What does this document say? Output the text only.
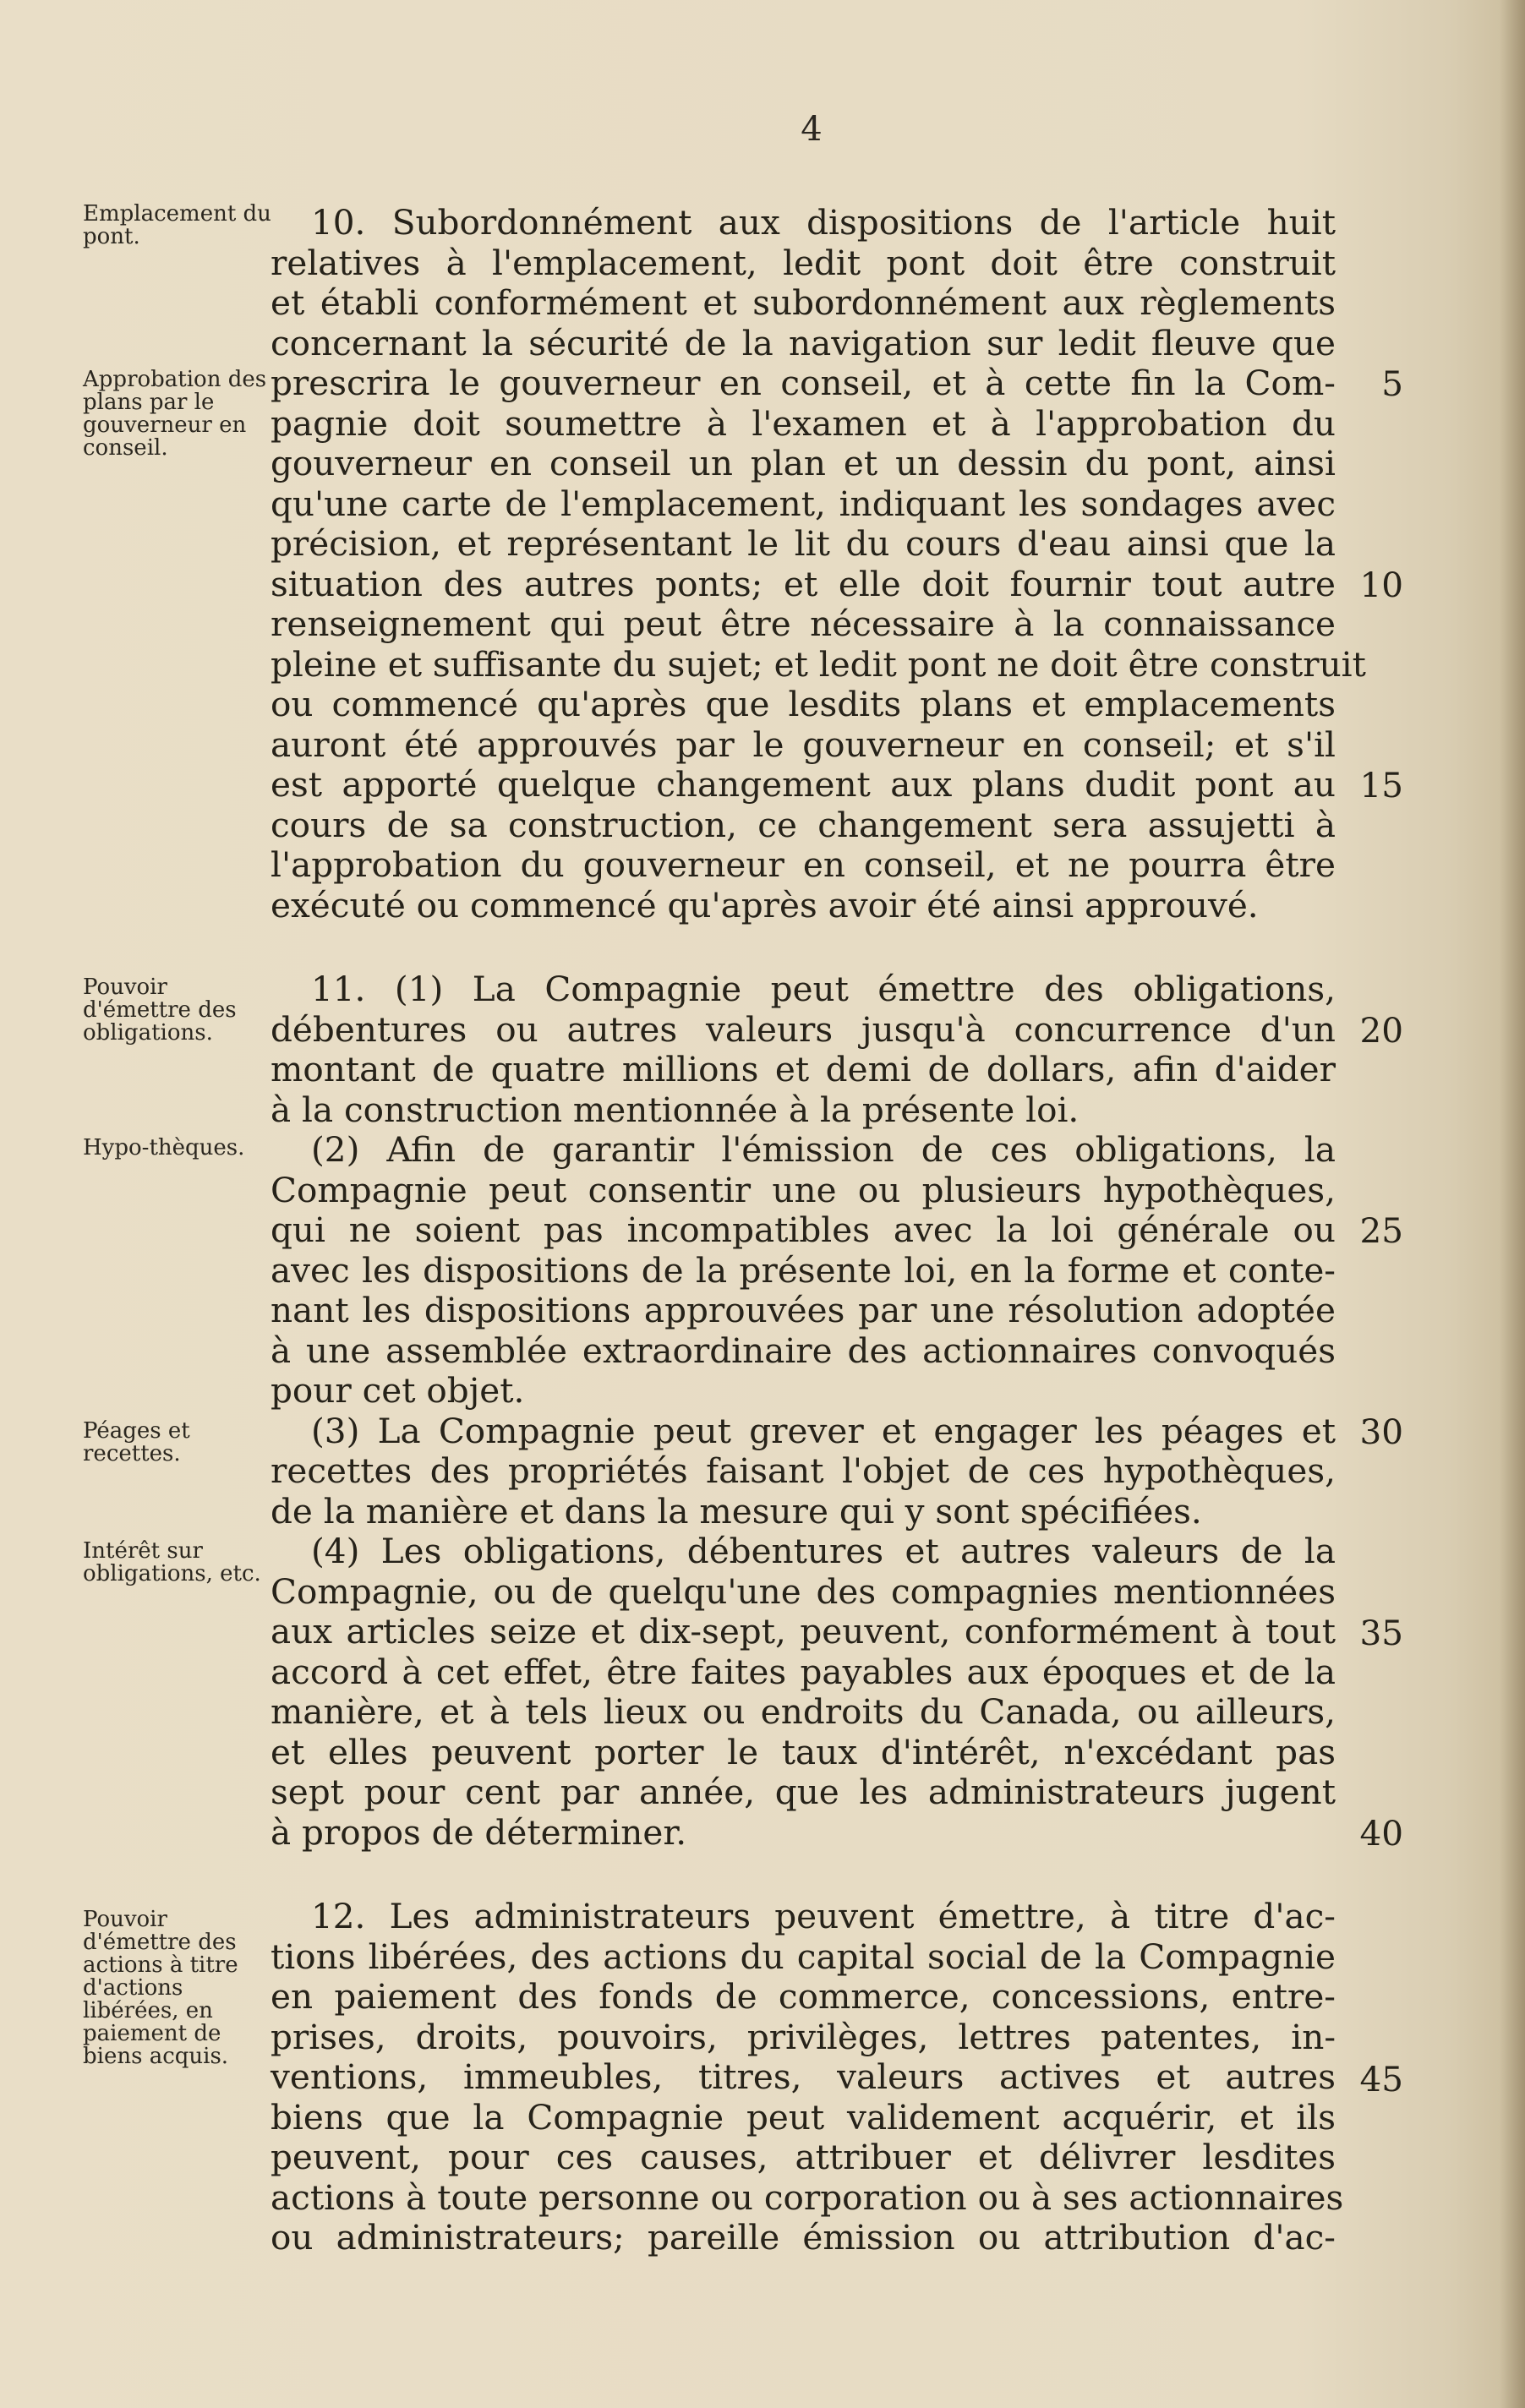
4
Emplacement du pont.
Approbation des plans par le gouverneur en conseil.
Pouvoir d'émettre des obligations.
Hypo-thèques.
Péages et recettes.
Intérêt sur obligations, etc.
Pouvoir d'émettre des actions à titre d'actions libérées, en paiement de biens acquis.
10. Subordonnément aux dispositions de l'article huit
relatives à l'emplacement, ledit pont doit être construit
et établi conformément et subordonnément aux règlements
concernant la sécurité de la navigation sur ledit fleuve que
prescrira le gouverneur en conseil, et à cette fin la Com-
pagnie doit soumettre à l'examen et à l'approbation du
gouverneur en conseil un plan et un dessin du pont, ainsi
qu'une carte de l'emplacement, indiquant les sondages avec
précision, et représentant le lit du cours d'eau ainsi que la
situation des autres ponts; et elle doit fournir tout autre
renseignement qui peut être nécessaire à la connaissance
pleine et suffisante du sujet; et ledit pont ne doit être construit
ou commencé qu'après que lesdits plans et emplacements
auront été approuvés par le gouverneur en conseil; et s'il
est apporté quelque changement aux plans dudit pont au
cours de sa construction, ce changement sera assujetti à
l'approbation du gouverneur en conseil, et ne pourra être
exécuté ou commencé qu'après avoir été ainsi approuvé.
11. (1) La Compagnie peut émettre des obligations,
débentures ou autres valeurs jusqu'à concurrence d'un
montant de quatre millions et demi de dollars, afin d'aider
à la construction mentionnée à la présente loi.
(2) Afin de garantir l'émission de ces obligations, la
Compagnie peut consentir une ou plusieurs hypothèques,
qui ne soient pas incompatibles avec la loi générale ou
avec les dispositions de la présente loi, en la forme et conte-
nant les dispositions approuvées par une résolution adoptée
à une assemblée extraordinaire des actionnaires convoqués
pour cet objet.
(3) La Compagnie peut grever et engager les péages et
recettes des propriétés faisant l'objet de ces hypothèques,
de la manière et dans la mesure qui y sont spécifiées.
(4) Les obligations, débentures et autres valeurs de la
Compagnie, ou de quelqu'une des compagnies mentionnées
aux articles seize et dix-sept, peuvent, conformément à tout
accord à cet effet, être faites payables aux époques et de la
manière, et à tels lieux ou endroits du Canada, ou ailleurs,
et elles peuvent porter le taux d'intérêt, n'excédant pas
sept pour cent par année, que les administrateurs jugent
à propos de déterminer.
12. Les administrateurs peuvent émettre, à titre d'ac-
tions libérées, des actions du capital social de la Compagnie
en paiement des fonds de commerce, concessions, entre-
prises, droits, pouvoirs, privilèges, lettres patentes, in-
ventions, immeubles, titres, valeurs actives et autres
biens que la Compagnie peut validement acquérir, et ils
peuvent, pour ces causes, attribuer et délivrer lesdites
actions à toute personne ou corporation ou à ses actionnaires
ou administrateurs; pareille émission ou attribution d'ac-
5
10
15
20
25
30
35
40
45
